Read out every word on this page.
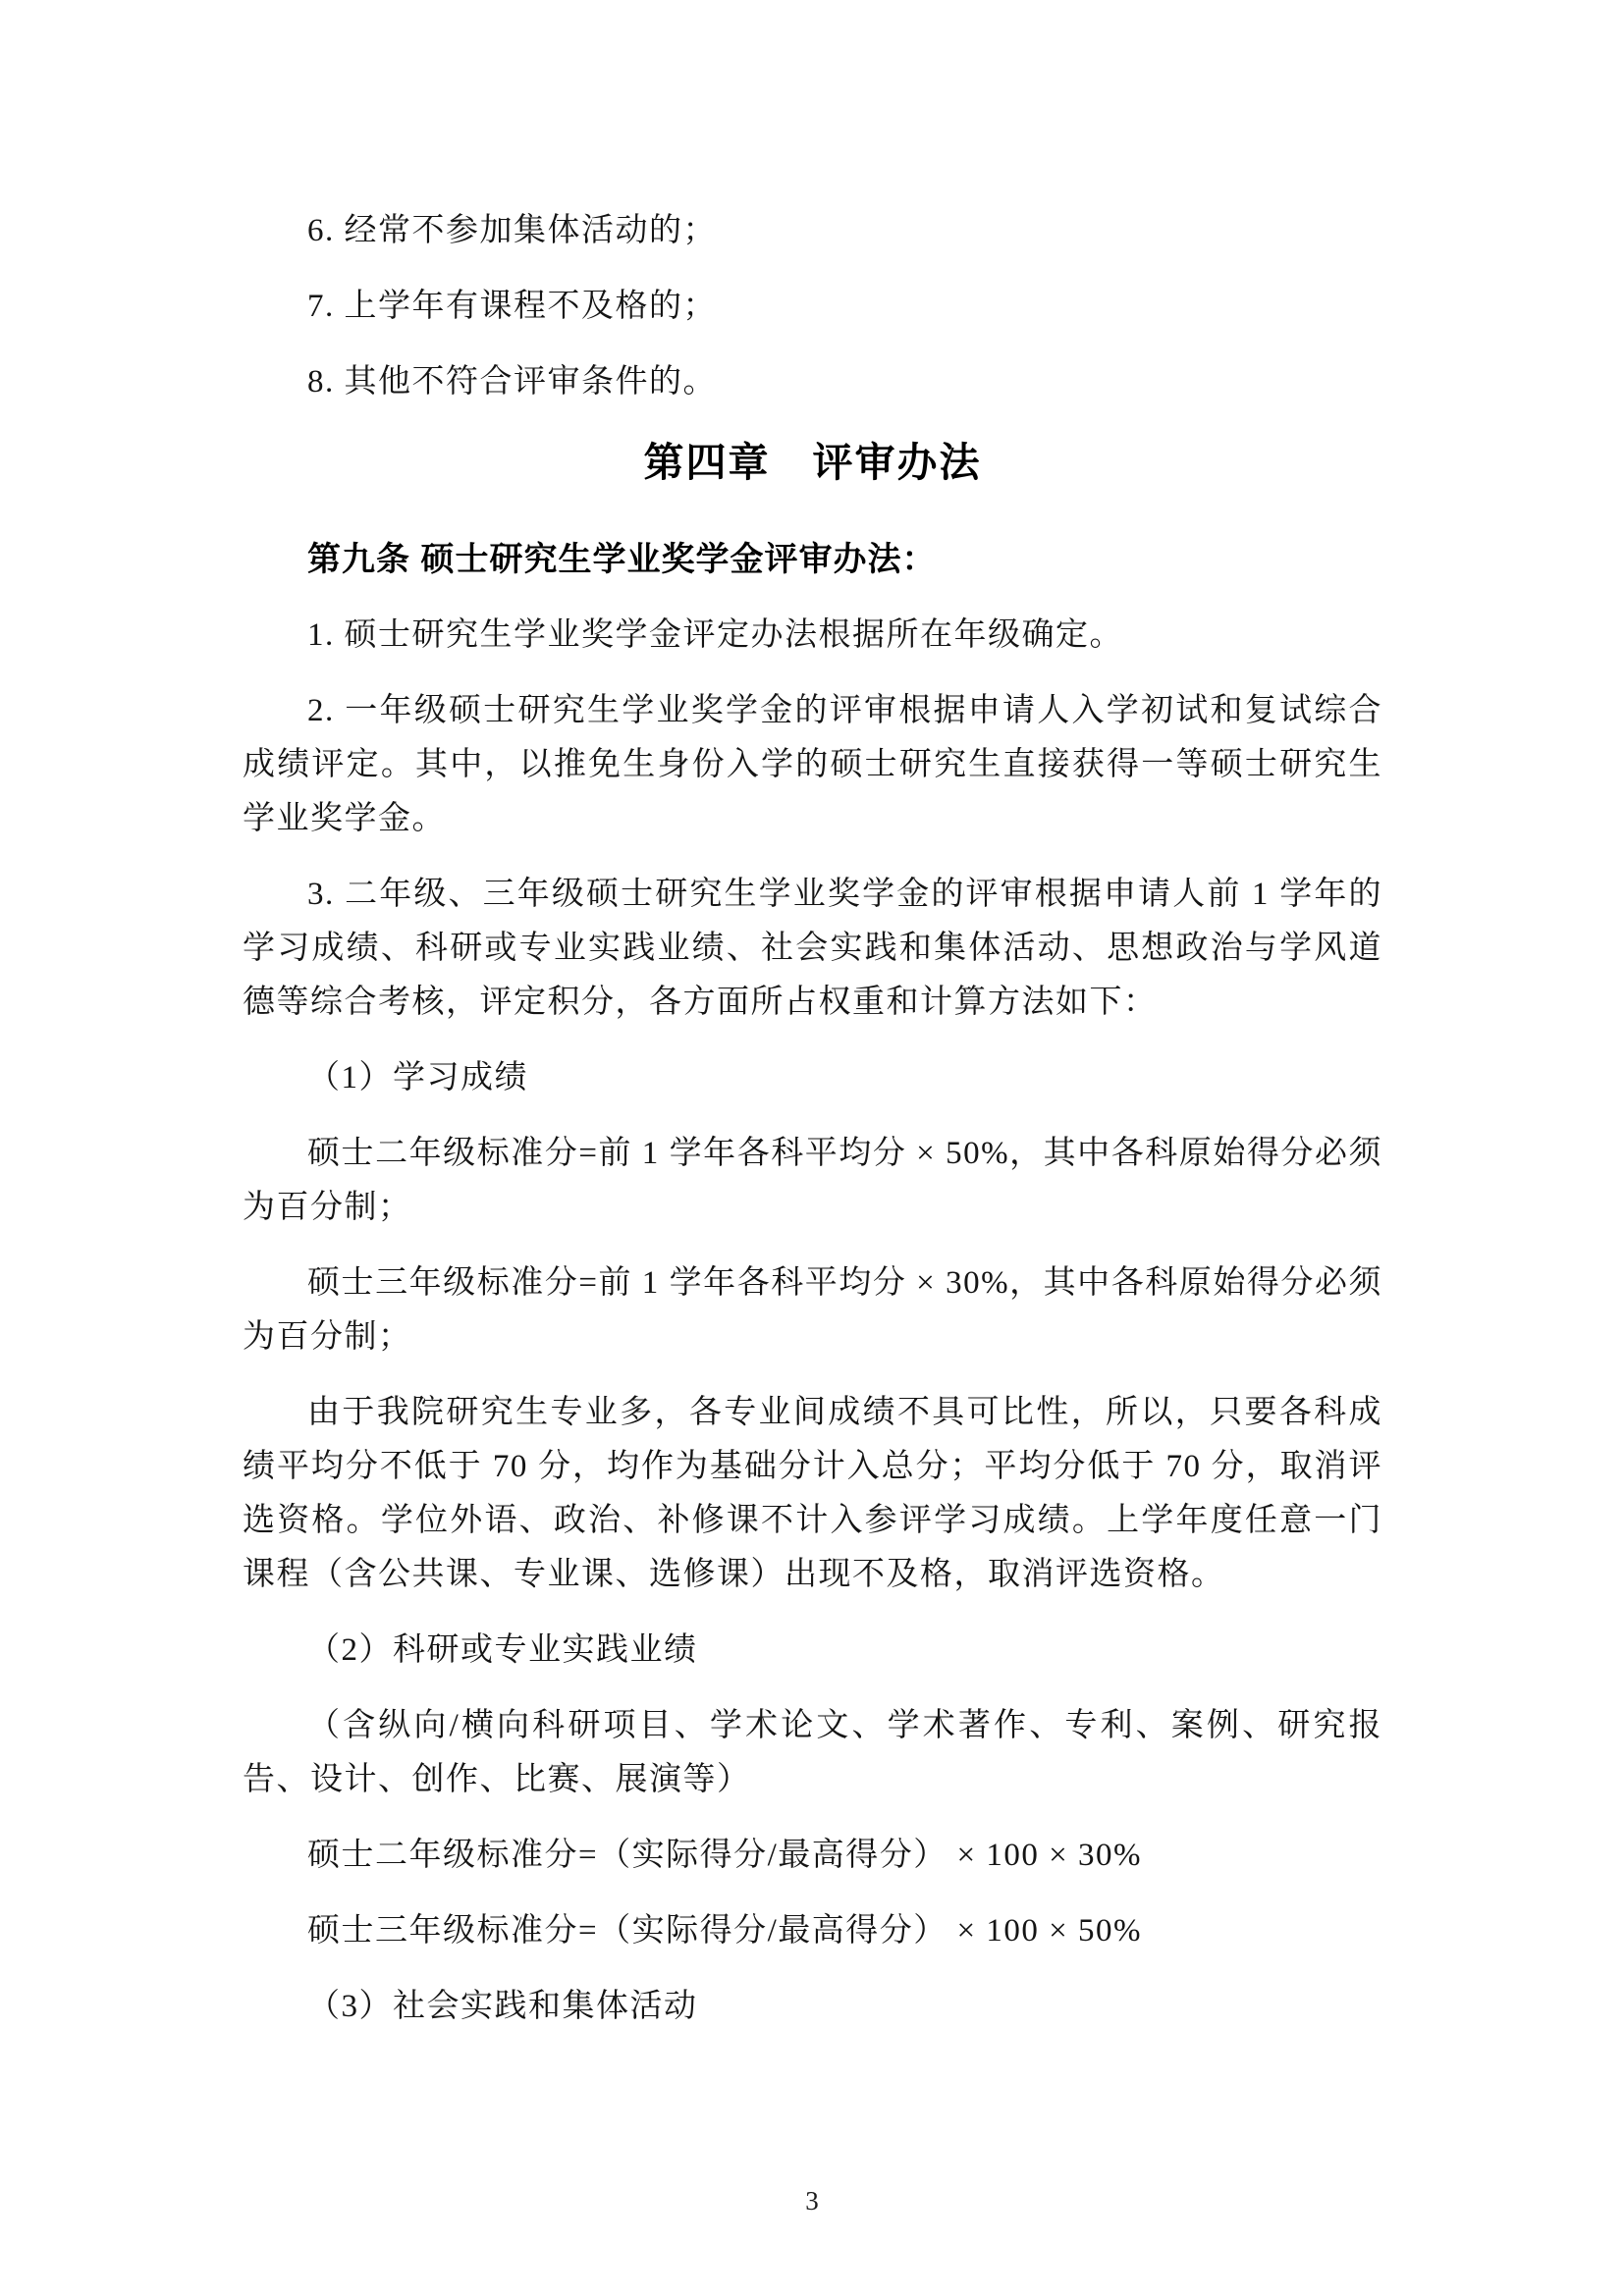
6. 经常不参加集体活动的；

7. 上学年有课程不及格的；

8. 其他不符合评审条件的。

第四章　评审办法

第九条 硕士研究生学业奖学金评审办法：

1. 硕士研究生学业奖学金评定办法根据所在年级确定。

2. 一年级硕士研究生学业奖学金的评审根据申请人入学初试和复试综合成绩评定。其中，以推免生身份入学的硕士研究生直接获得一等硕士研究生学业奖学金。

3. 二年级、三年级硕士研究生学业奖学金的评审根据申请人前 1 学年的学习成绩、科研或专业实践业绩、社会实践和集体活动、思想政治与学风道德等综合考核，评定积分，各方面所占权重和计算方法如下：

（1）学习成绩

硕士二年级标准分=前 1 学年各科平均分 × 50%，其中各科原始得分必须为百分制；

硕士三年级标准分=前 1 学年各科平均分 × 30%，其中各科原始得分必须为百分制；

由于我院研究生专业多，各专业间成绩不具可比性，所以，只要各科成绩平均分不低于 70 分，均作为基础分计入总分；平均分低于 70 分，取消评选资格。学位外语、政治、补修课不计入参评学习成绩。上学年度任意一门课程（含公共课、专业课、选修课）出现不及格，取消评选资格。

（2）科研或专业实践业绩

（含纵向/横向科研项目、学术论文、学术著作、专利、案例、研究报告、设计、创作、比赛、展演等）

硕士二年级标准分=（实际得分/最高得分） × 100 × 30%

硕士三年级标准分=（实际得分/最高得分） × 100 × 50%

（3）社会实践和集体活动

3
